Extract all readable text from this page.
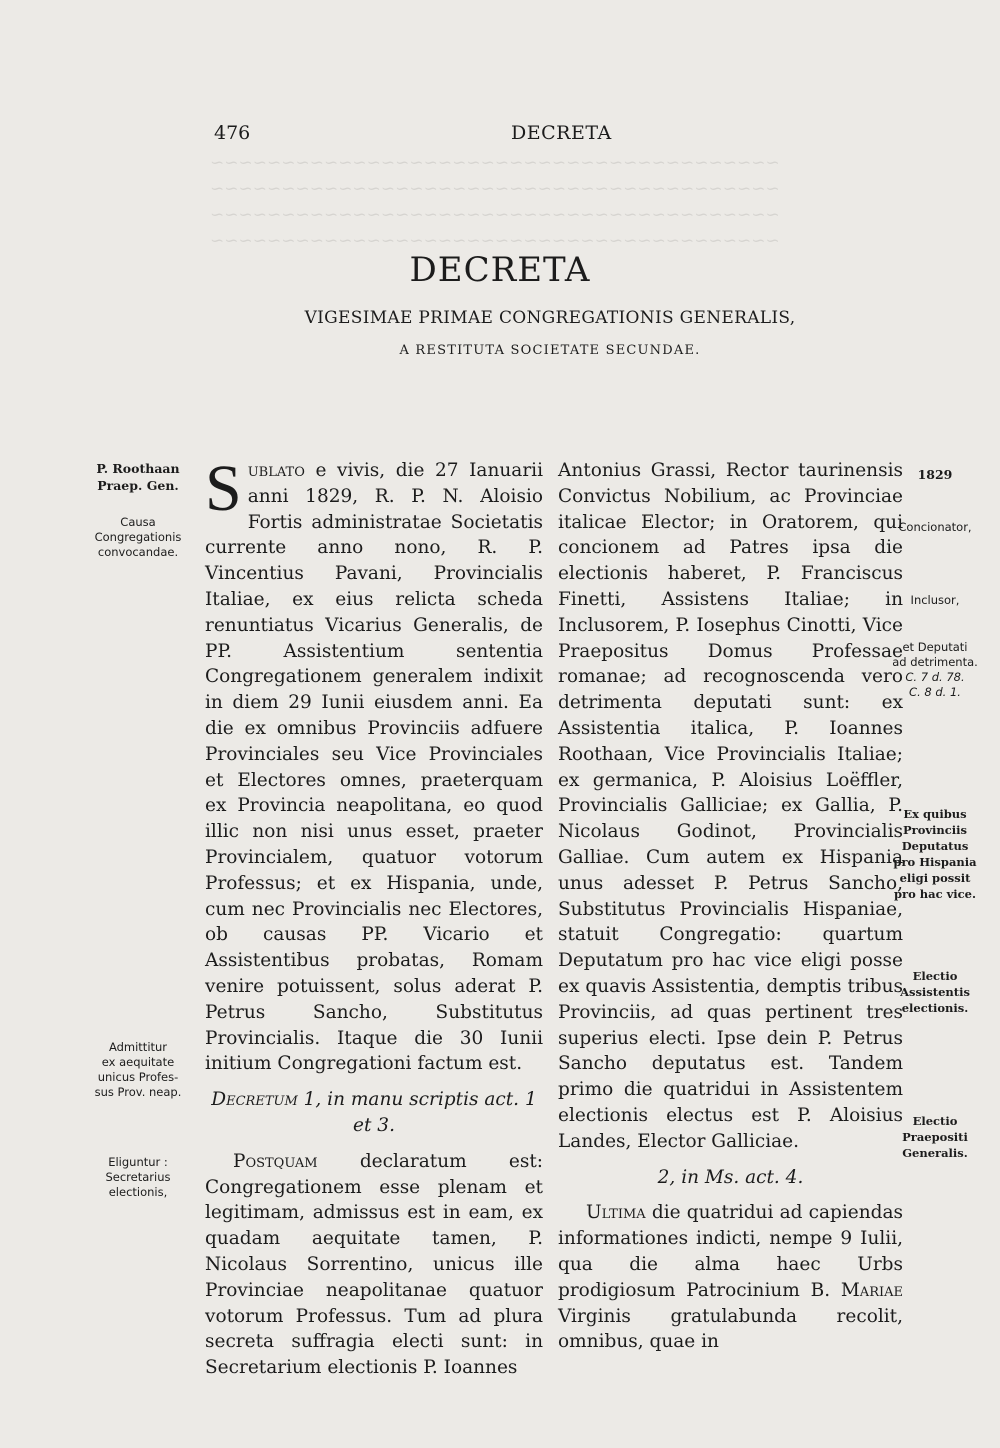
~~~~~~~~~~~~~~~~~~~~~~~~~~~~~~~~~~~~~~~~
~~~~~~~~~~~~~~~~~~~~~~~~~~~~~~~~~~~~~~~~
~~~~~~~~~~~~~~~~~~~~~~~~~~~~~~~~~~~~~~~~
~~~~~~~~~~~~~~~~~~~~~~~~~~~~~~~~~~~~~~~~
476	DECRETA
DECRETA
VIGESIMAE PRIMAE CONGREGATIONIS GENERALIS,
A RESTITUTA SOCIETATE SECUNDAE.
P. Roothaan
Praep. Gen.
Causa
Congregationis
convocandae.
Admittitur
ex aequitate
unicus Profes-
sus Prov. neap.
Eliguntur :
Secretarius
electionis,
1829
Concionator,
Inclusor,
et Deputati
ad detrimenta.
C. 7 d. 78.
C. 8 d. 1.
Ex quibus
Provinciis
Deputatus
pro Hispania
eligi possit
pro hac vice.
Electio
Assistentis
electionis.
Electio
Praepositi
Generalis.

Sublato e vivis, die 27 Ianuarii anni 1829, R. P. N. Aloisio Fortis administratae Societatis currente anno nono, R. P. Vincentius Pavani, Provincialis Italiae, ex eius relicta scheda renuntiatus Vicarius Generalis, de PP. Assistentium sententia Congregationem generalem indixit in diem 29 Iunii eiusdem anni. Ea die ex omnibus Provinciis adfuere Provinciales seu Vice Provinciales et Electores omnes, praeterquam ex Provincia neapolitana, eo quod illic non nisi unus esset, praeter Provincialem, quatuor votorum Professus; et ex Hispania, unde, cum nec Provincialis nec Electores, ob causas PP. Vicario et Assistentibus probatas, Romam venire potuissent, solus aderat P. Petrus Sancho, Substitutus Provincialis. Itaque die 30 Iunii initium Congregationi factum est.

Decretum 1, in manu scriptis act. 1 et 3.

Postquam declaratum est: Congregationem esse plenam et legitimam, admissus est in eam, ex quadam aequitate tamen, P. Nicolaus Sorrentino, unicus ille Provinciae neapolitanae quatuor votorum Professus. Tum ad plura secreta suffragia electi sunt: in Secretarium electionis P. Ioannes

Antonius Grassi, Rector taurinensis Convictus Nobilium, ac Provinciae italicae Elector; in Oratorem, qui concionem ad Patres ipsa die electionis haberet, P. Franciscus Finetti, Assistens Italiae; in Inclusorem, P. Iosephus Cinotti, Vice Praepositus Domus Professae romanae; ad recognoscenda vero detrimenta deputati sunt: ex Assistentia italica, P. Ioannes Roothaan, Vice Provincialis Italiae; ex germanica, P. Aloisius Loëffler, Provincialis Galliciae; ex Gallia, P. Nicolaus Godinot, Provincialis Galliae. Cum autem ex Hispania unus adesset P. Petrus Sancho, Substitutus Provincialis Hispaniae, statuit Congregatio: quartum Deputatum pro hac vice eligi posse ex quavis Assistentia, demptis tribus Provinciis, ad quas pertinent tres superius electi. Ipse dein P. Petrus Sancho deputatus est. Tandem primo die quatridui in Assistentem electionis electus est P. Aloisius Landes, Elector Galliciae.

2, in Ms. act. 4.

Ultima die quatridui ad capiendas informationes indicti, nempe 9 Iulii, qua die alma haec Urbs prodigiosum Patrocinium B. Mariae Virginis gratulabunda recolit, omnibus, quae in
